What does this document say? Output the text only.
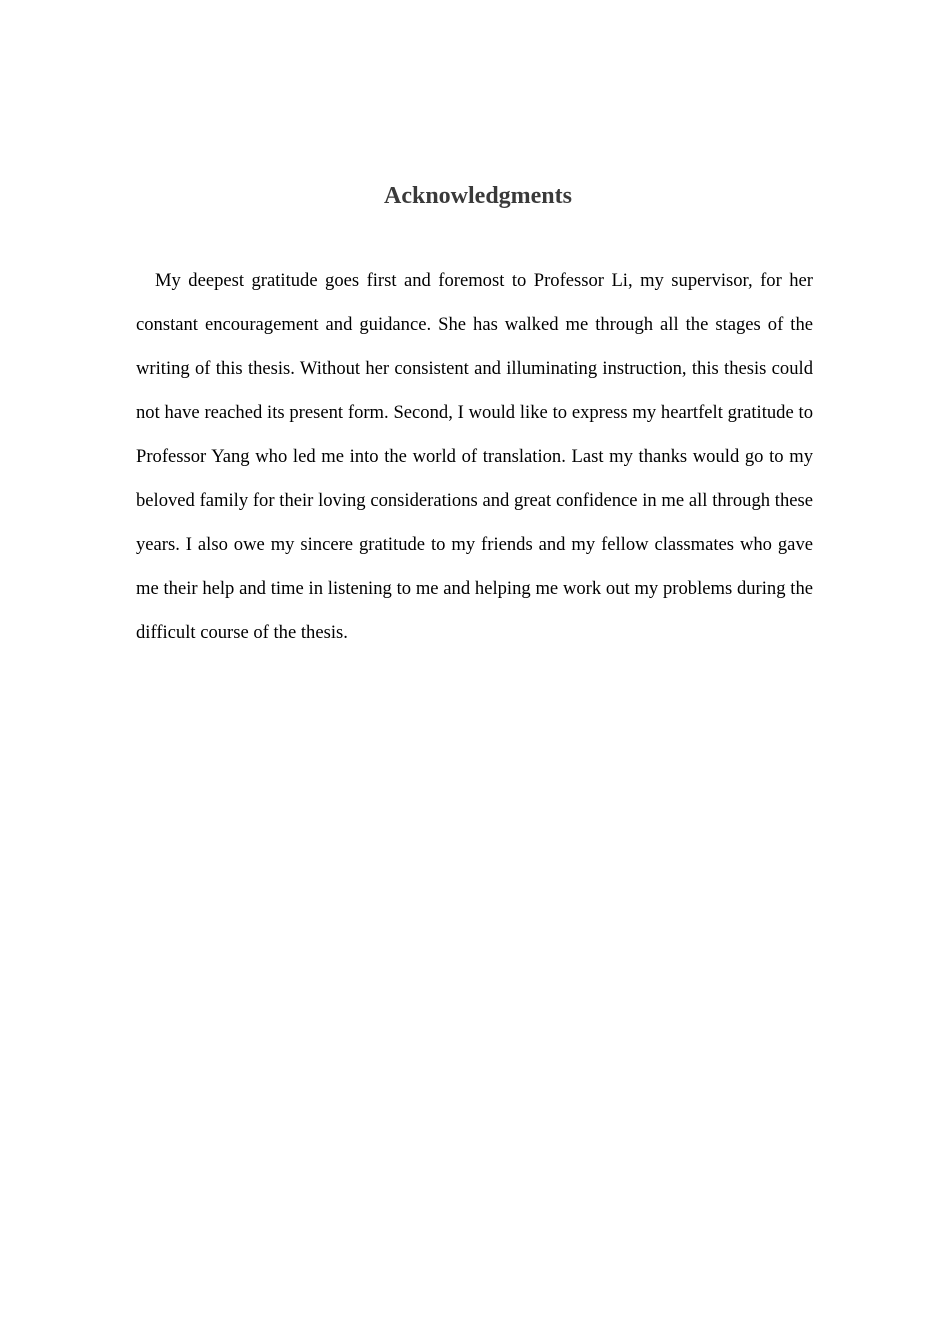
Acknowledgments

My deepest gratitude goes first and foremost to Professor Li, my supervisor, for her constant encouragement and guidance. She has walked me through all the stages of the writing of this thesis. Without her consistent and illuminating instruction, this thesis could not have reached its present form. Second, I would like to express my heartfelt gratitude to Professor Yang who led me into the world of translation. Last my thanks would go to my beloved family for their loving considerations and great confidence in me all through these years. I also owe my sincere gratitude to my friends and my fellow classmates who gave me their help and time in listening to me and helping me work out my problems during the difficult course of the thesis.
